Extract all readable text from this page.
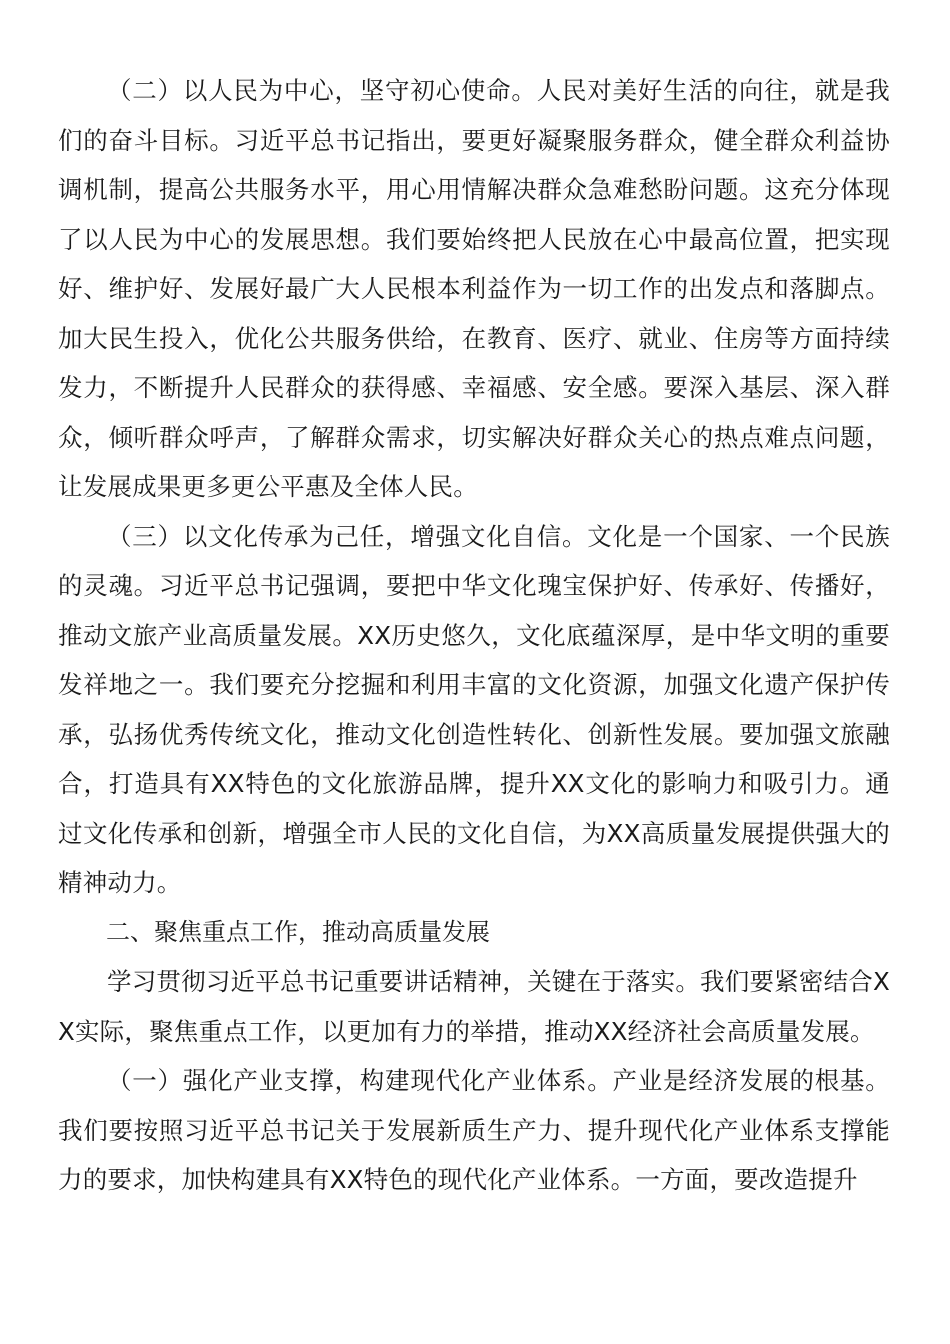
（二）以人民为中心，坚守初心使命。人民对美好生活的向往，就是我们的奋斗目标。习近平总书记指出，要更好凝聚服务群众，健全群众利益协调机制，提高公共服务水平，用心用情解决群众急难愁盼问题。这充分体现了以人民为中心的发展思想。我们要始终把人民放在心中最高位置，把实现好、维护好、发展好最广大人民根本利益作为一切工作的出发点和落脚点。加大民生投入，优化公共服务供给，在教育、医疗、就业、住房等方面持续发力，不断提升人民群众的获得感、幸福感、安全感。要深入基层、深入群众，倾听群众呼声，了解群众需求，切实解决好群众关心的热点难点问题，让发展成果更多更公平惠及全体人民。

（三）以文化传承为己任，增强文化自信。文化是一个国家、一个民族的灵魂。习近平总书记强调，要把中华文化瑰宝保护好、传承好、传播好，推动文旅产业高质量发展。XX历史悠久，文化底蕴深厚，是中华文明的重要发祥地之一。我们要充分挖掘和利用丰富的文化资源，加强文化遗产保护传承，弘扬优秀传统文化，推动文化创造性转化、创新性发展。要加强文旅融合，打造具有XX特色的文化旅游品牌，提升XX文化的影响力和吸引力。通过文化传承和创新，增强全市人民的文化自信，为XX高质量发展提供强大的精神动力。

二、聚焦重点工作，推动高质量发展

学习贯彻习近平总书记重要讲话精神，关键在于落实。我们要紧密结合XX实际，聚焦重点工作，以更加有力的举措，推动XX经济社会高质量发展。

（一）强化产业支撑，构建现代化产业体系。产业是经济发展的根基。我们要按照习近平总书记关于发展新质生产力、提升现代化产业体系支撑能力的要求，加快构建具有XX特色的现代化产业体系。一方面，要改造提升
